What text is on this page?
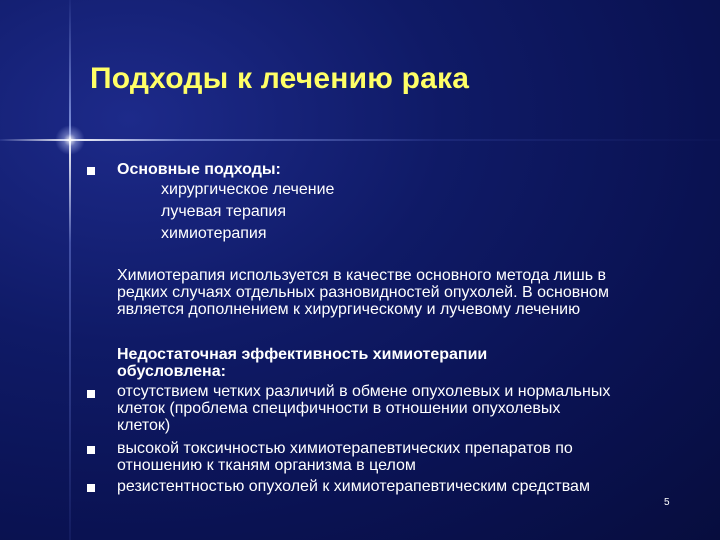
Подходы к лечению рака
Основные подходы:
хирургическое лечение
лучевая терапия
химиотерапия
Химиотерапия используется в качестве основного метода лишь в
редких случаях отдельных разновидностей опухолей. В основном
является дополнением к хирургическому и лучевому лечению
Недостаточная эффективность химиотерапии
обусловлена:
отсутствием четких различий в обмене опухолевых и нормальных
клеток (проблема специфичности в отношении опухолевых
клеток)
высокой токсичностью химиотерапевтических препаратов по
отношению к тканям организма в целом
резистентностью опухолей к химиотерапевтическим средствам
5
